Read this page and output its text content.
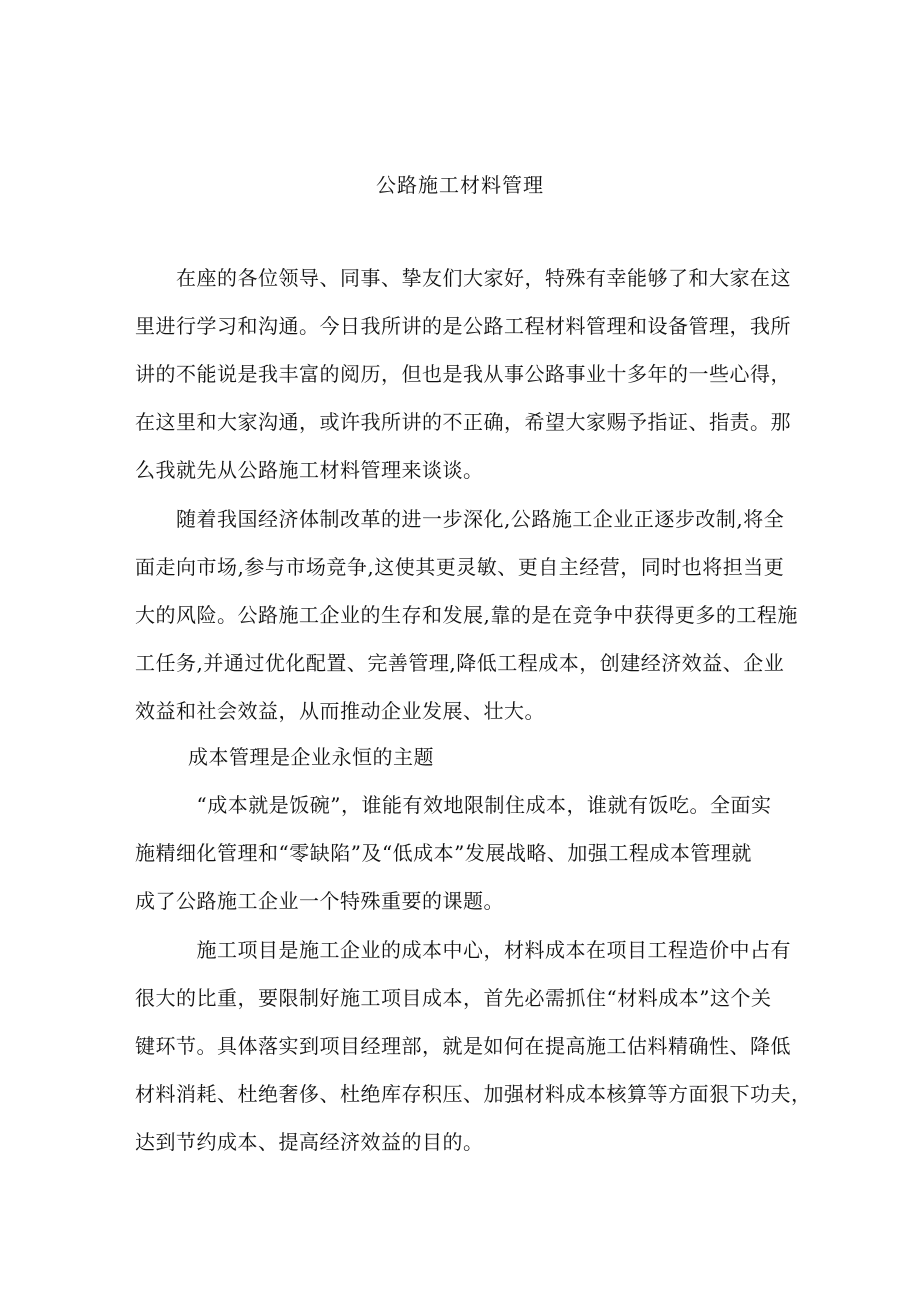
公路施工材料管理
　　在座的各位领导、同事、挚友们大家好，特殊有幸能够了和大家在这
里进行学习和沟通。今日我所讲的是公路工程材料管理和设备管理，我所
讲的不能说是我丰富的阅历，但也是我从事公路事业十多年的一些心得，
在这里和大家沟通，或许我所讲的不正确，希望大家赐予指证、指责。那
么我就先从公路施工材料管理来谈谈。
　　随着我国经济体制改革的进一步深化,公路施工企业正逐步改制,将全
面走向市场,参与市场竞争,这使其更灵敏、更自主经营，同时也将担当更
大的风险。公路施工企业的生存和发展,靠的是在竞争中获得更多的工程施
工任务,并通过优化配置、完善管理,降低工程成本，创建经济效益、企业
效益和社会效益，从而推动企业发展、壮大。
成本管理是企业永恒的主题
　　　“成本就是饭碗”，谁能有效地限制住成本，谁就有饭吃。全面实
施精细化管理和“零缺陷”及“低成本”发展战略、加强工程成本管理就
成了公路施工企业一个特殊重要的课题。
　　　施工项目是施工企业的成本中心，材料成本在项目工程造价中占有
很大的比重，要限制好施工项目成本，首先必需抓住“材料成本”这个关
键环节。具体落实到项目经理部，就是如何在提高施工估料精确性、降低
材料消耗、杜绝奢侈、杜绝库存积压、加强材料成本核算等方面狠下功夫，
达到节约成本、提高经济效益的目的。
